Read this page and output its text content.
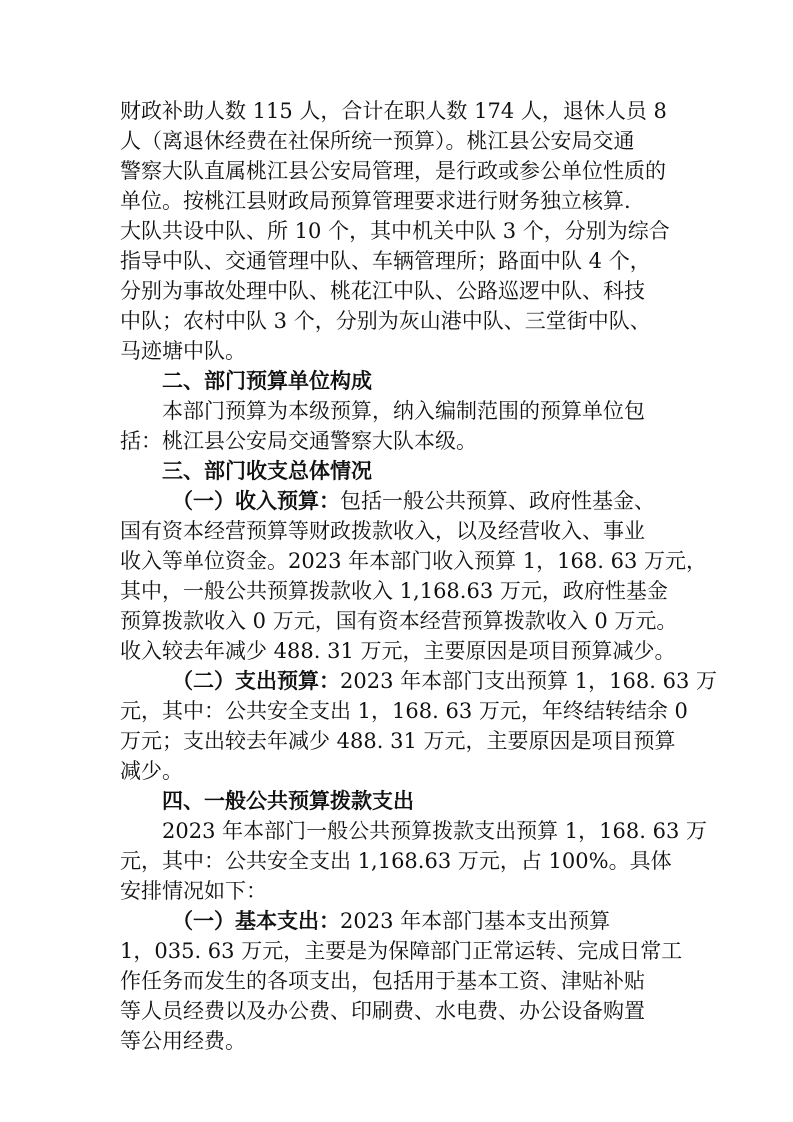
财政补助人数 115 人，合计在职人数 174 人，退休人员 8

人（离退休经费在社保所统一预算）。桃江县公安局交通

警察大队直属桃江县公安局管理，是行政或参公单位性质的

单位。按桃江县财政局预算管理要求进行财务独立核算.

大队共设中队、所 10 个，其中机关中队 3 个，分别为综合

指导中队、交通管理中队、车辆管理所；路面中队 4 个，

分别为事故处理中队、桃花江中队、公路巡逻中队、科技

中队；农村中队 3 个，分别为灰山港中队、三堂街中队、

马迹塘中队。

二、部门预算单位构成

本部门预算为本级预算，纳入编制范围的预算单位包

括：桃江县公安局交通警察大队本级。

三、部门收支总体情况

（一）收入预算：包括一般公共预算、政府性基金、

国有资本经营预算等财政拨款收入，以及经营收入、事业

收入等单位资金。2023 年本部门收入预算 1，168. 63 万元，

其中，一般公共预算拨款收入 1,168.63 万元，政府性基金

预算拨款收入 0 万元，国有资本经营预算拨款收入 0 万元。

收入较去年减少 488. 31 万元，主要原因是项目预算减少。

（二）支出预算：2023 年本部门支出预算 1，168. 63 万

元，其中：公共安全支出 1，168. 63 万元，年终结转结余 0

万元；支出较去年减少 488. 31 万元，主要原因是项目预算

减少。

四、一般公共预算拨款支出

2023 年本部门一般公共预算拨款支出预算 1，168. 63 万

元，其中：公共安全支出 1,168.63 万元，占 100%。具体

安排情况如下：

（一）基本支出：2023 年本部门基本支出预算

1，035. 63 万元，主要是为保障部门正常运转、完成日常工

作任务而发生的各项支出，包括用于基本工资、津贴补贴

等人员经费以及办公费、印刷费、水电费、办公设备购置

等公用经费。
